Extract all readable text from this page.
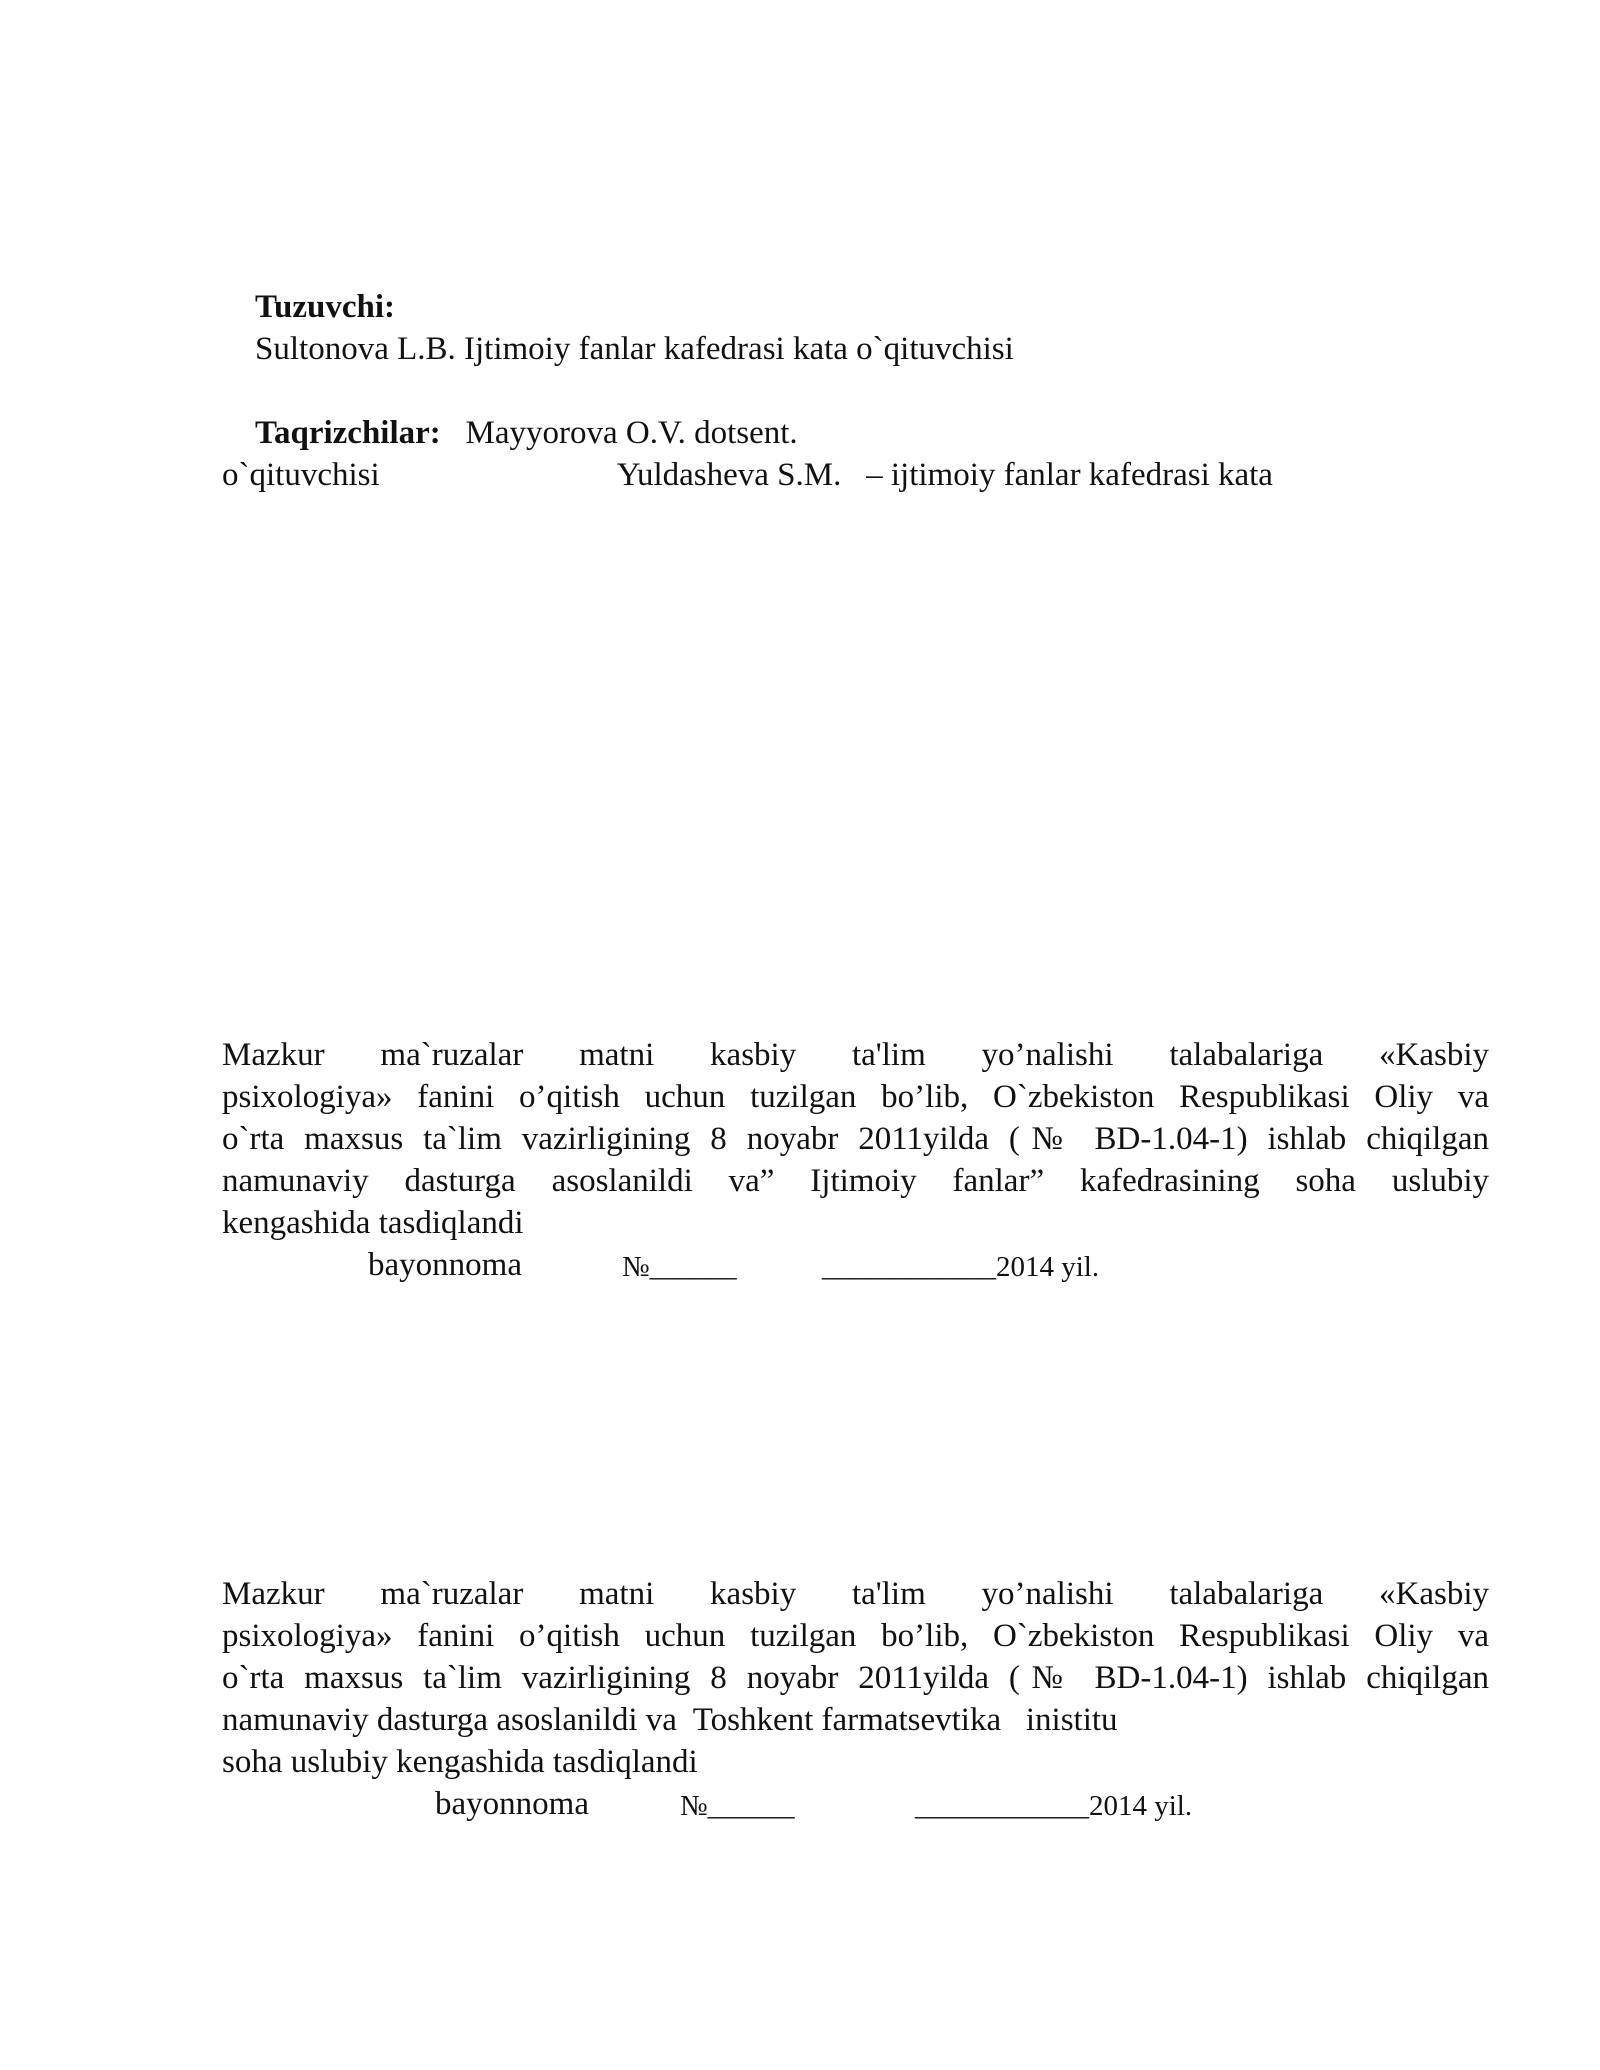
Tuzuvchi:
Sultonova L.B. Ijtimoiy fanlar kafedrasi kata o`qituvchisi

Taqrizchilar: Mayyorova O.V. dotsent.

Yuldasheva S.M. – ijtimoiy fanlar kafedrasi kata

o`qituvchisi
Mazkur ma`ruzalar matni kasbiy ta'lim yo’nalishi talabalariga «Kasbiy
psixologiya» fanini o’qitish uchun tuzilgan bo’lib, O`zbekiston Respublikasi Oliy va
o`rta maxsus ta`lim vazirligining 8 noyabr 2011yilda (№ BD-1.04-1) ishlab chiqilgan
namunaviy dasturga asoslanildi va” Ijtimoiy fanlar” kafedrasining soha uslubiy
kengashida tasdiqlandi
bayonnoma	№______	____________2014 yil.
Mazkur ma`ruzalar matni kasbiy ta'lim yo’nalishi talabalariga «Kasbiy
psixologiya» fanini o’qitish uchun tuzilgan bo’lib, O`zbekiston Respublikasi Oliy va
o`rta maxsus ta`lim vazirligining 8 noyabr 2011yilda (№ BD-1.04-1) ishlab chiqilgan
namunaviy dasturga asoslanildi va  Toshkent farmatsevtika   inistitu
soha uslubiy kengashida tasdiqlandi
bayonnoma	№______	____________2014 yil.
